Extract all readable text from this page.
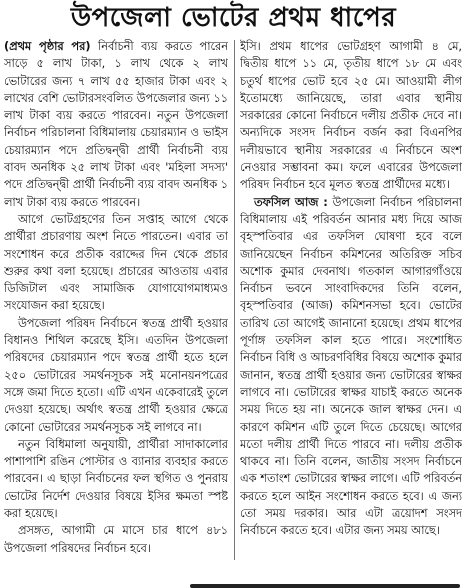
উপজেলা ভোটের প্রথম ধাপের

(প্রথম পৃষ্ঠার পর) নির্বাচনী ব্যয় করতে পারেন সাড়ে ৫ লাখ টাকা, ১ লাখ থেকে ২ লাখ ভোটারের জন্য ৭ লাখ ৫৫ হাজার টাকা এবং ২ লাখের বেশি ভোটারসংবলিত উপজেলার জন্য ১১ লাখ টাকা ব্যয় করতে পারবেন। নতুন উপজেলা নির্বাচন পরিচালনা বিধিমালায় চেয়ারম্যান ও ভাইস চেয়ারম্যান পদে প্রতিদ্বন্দ্বী প্রার্থী নির্বাচনী ব্যয় বাবদ অনধিক ২৫ লাখ টাকা এবং 'মহিলা সদস্য' পদে প্রতিদ্বন্দ্বী প্রার্থী নির্বাচনী ব্যয় বাবদ অনধিক ১ লাখ টাকা ব্যয় করতে পারবেন।

আগে ভোটগ্রহণের তিন সপ্তাহ আগে থেকে প্রার্থীরা প্রচারণায় অংশ নিতে পারতেন। এবার তা সংশোধন করে প্রতীক বরাদ্দের দিন থেকে প্রচার শুরুর কথা বলা হয়েছে। প্রচারের আওতায় এবার ডিজিটাল এবং সামাজিক যোগাযোগমাধ্যমও সংযোজন করা হয়েছে।

উপজেলা পরিষদ নির্বাচনে স্বতন্ত্র প্রার্থী হওয়ার বিধানও শিথিল করেছে ইসি। এতদিন উপজেলা পরিষদের চেয়ারম্যান পদে স্বতন্ত্র প্রার্থী হতে হলে ২৫০ ভোটারের সমর্থনসূচক সই মনোনয়নপত্রের সঙ্গে জমা দিতে হতো। এটি এখন একেবারেই তুলে দেওয়া হয়েছে। অর্থাৎ স্বতন্ত্র প্রার্থী হওয়ার ক্ষেত্রে কোনো ভোটারের সমর্থনসূচক সই লাগবে না।

নতুন বিধিমালা অনুযায়ী, প্রার্থীরা সাদাকালোর পাশাপাশি রঙিন পোস্টার ও ব্যানার ব্যবহার করতে পারবেন। এ ছাড়া নির্বাচনের ফল স্থগিত ও পুনরায় ভোটের নির্দেশ দেওয়ার বিষয়ে ইসির ক্ষমতা স্পষ্ট করা হয়েছে।

প্রসঙ্গত, আগামী মে মাসে চার ধাপে ৪৮১ উপজেলা পরিষদের নির্বাচন হবে।

ইসি। প্রথম ধাপের ভোটগ্রহণ আগামী ৪ মে, দ্বিতীয় ধাপে ১১ মে, তৃতীয় ধাপে ১৮ মে এবং চতুর্থ ধাপের ভোট হবে ২৫ মে। আওয়ামী লীগ ইতোমধ্যে জানিয়েছে, তারা এবার স্থানীয় সরকারের কোনো নির্বাচনে দলীয় প্রতীক দেবে না। অন্যদিকে সংসদ নির্বাচন বর্জন করা বিএনপির দলীয়ভাবে স্থানীয় সরকারের এ নির্বাচনে অংশ নেওয়ার সম্ভাবনা কম। ফলে এবারের উপজেলা পরিষদ নির্বাচন হবে মূলত স্বতন্ত্র প্রার্থীদের মধ্যে।

তফসিল আজ : উপজেলা নির্বাচন পরিচালনা বিধিমালায় এই পরিবর্তন আনার মধ্য দিয়ে আজ বৃহস্পতিবার এর তফসিল ঘোষণা হবে বলে জানিয়েছেন নির্বাচন কমিশনের অতিরিক্ত সচিব অশোক কুমার দেবনাথ। গতকাল আগারগাঁওয়ে নির্বাচন ভবনে সাংবাদিকদের তিনি বলেন, বৃহস্পতিবার (আজ) কমিশনসভা হবে। ভোটের তারিখ তো আগেই জানানো হয়েছে। প্রথম ধাপের পূর্ণাঙ্গ তফসিল কাল হতে পারে। সংশোধিত নির্বাচন বিধি ও আচরণবিধির বিষয়ে অশোক কুমার জানান, স্বতন্ত্র প্রার্থী হওয়ার জন্য ভোটারের স্বাক্ষর লাগবে না। ভোটারের স্বাক্ষর যাচাই করতে অনেক সময় দিতে হয় না। অনেকে জাল স্বাক্ষর দেন। এ কারণে কমিশন এটি তুলে দিতে চেয়েছে। আগের মতো দলীয় প্রার্থী দিতে পারবে না। দলীয় প্রতীক থাকবে না। তিনি বলেন, জাতীয় সংসদ নির্বাচনে এক শতাংশ ভোটারের স্বাক্ষর লাগে। এটি পরিবর্তন করতে হলে আইন সংশোধন করতে হবে। এ জন্য তো সময় দরকার। আর এটা ত্রয়োদশ সংসদ নির্বাচনে করতে হবে। এটার জন্য সময় আছে।
